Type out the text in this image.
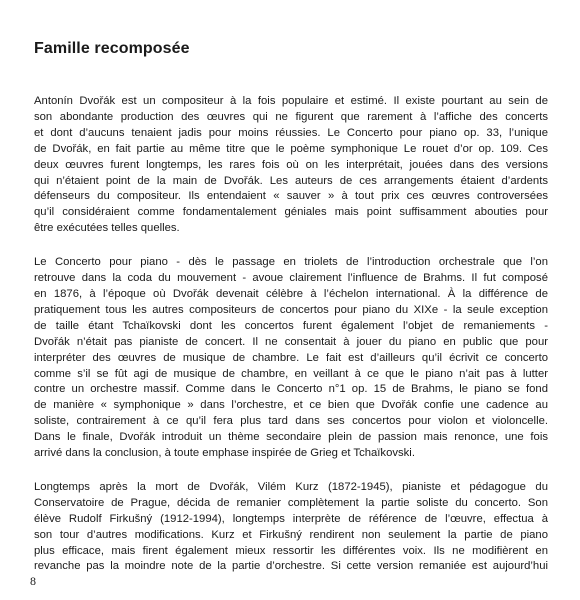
Famille recomposée

Antonín Dvořák est un compositeur à la fois populaire et estimé. Il existe pourtant au sein de
son abondante production des œuvres qui ne figurent que rarement à l’affiche des concerts
et dont d’aucuns tenaient jadis pour moins réussies. Le Concerto pour piano op. 33, l’unique
de Dvořák, en fait partie au même titre que le poème symphonique Le rouet d’or op. 109. Ces
deux œuvres furent longtemps, les rares fois où on les interprétait, jouées dans des versions
qui n’étaient point de la main de Dvořák. Les auteurs de ces arrangements étaient d’ardents
défenseurs du compositeur. Ils entendaient « sauver » à tout prix ces œuvres controversées
qu’il considéraient comme fondamentalement géniales mais point suffisamment abouties pour
être exécutées telles quelles.

Le Concerto pour piano - dès le passage en triolets de l’introduction orchestrale que l’on
retrouve dans la coda du mouvement - avoue clairement l’influence de Brahms. Il fut composé
en 1876, à l’époque où Dvořák devenait célèbre à l’échelon international. À la différence de
pratiquement tous les autres compositeurs de concertos pour piano du XIXe - la seule exception
de taille étant Tchaïkovski dont les concertos furent également l’objet de remaniements -
Dvořák n’était pas pianiste de concert. Il ne consentait à jouer du piano en public que pour
interpréter des œuvres de musique de chambre. Le fait est d’ailleurs qu’il écrivit ce concerto
comme s’il se fût agi de musique de chambre, en veillant à ce que le piano n’ait pas à lutter
contre un orchestre massif. Comme dans le Concerto n°1 op. 15 de Brahms, le piano se fond
de manière « symphonique » dans l’orchestre, et ce bien que Dvořák confie une cadence au
soliste, contrairement à ce qu’il fera plus tard dans ses concertos pour violon et violoncelle.
Dans le finale, Dvořák introduit un thème secondaire plein de passion mais renonce, une fois
arrivé dans la conclusion, à toute emphase inspirée de Grieg et Tchaïkovski.

Longtemps après la mort de Dvořák, Vilém Kurz (1872-1945), pianiste et pédagogue du
Conservatoire de Prague, décida de remanier complètement la partie soliste du concerto. Son
élève Rudolf Firkušný (1912-1994), longtemps interprète de référence de l’œuvre, effectua à
son tour d’autres modifications. Kurz et Firkušný rendirent non seulement la partie de piano
plus efficace, mais firent également mieux ressortir les différentes voix. Ils ne modifièrent en
revanche pas la moindre note de la partie d’orchestre. Si cette version remaniée est aujourd’hui

8
